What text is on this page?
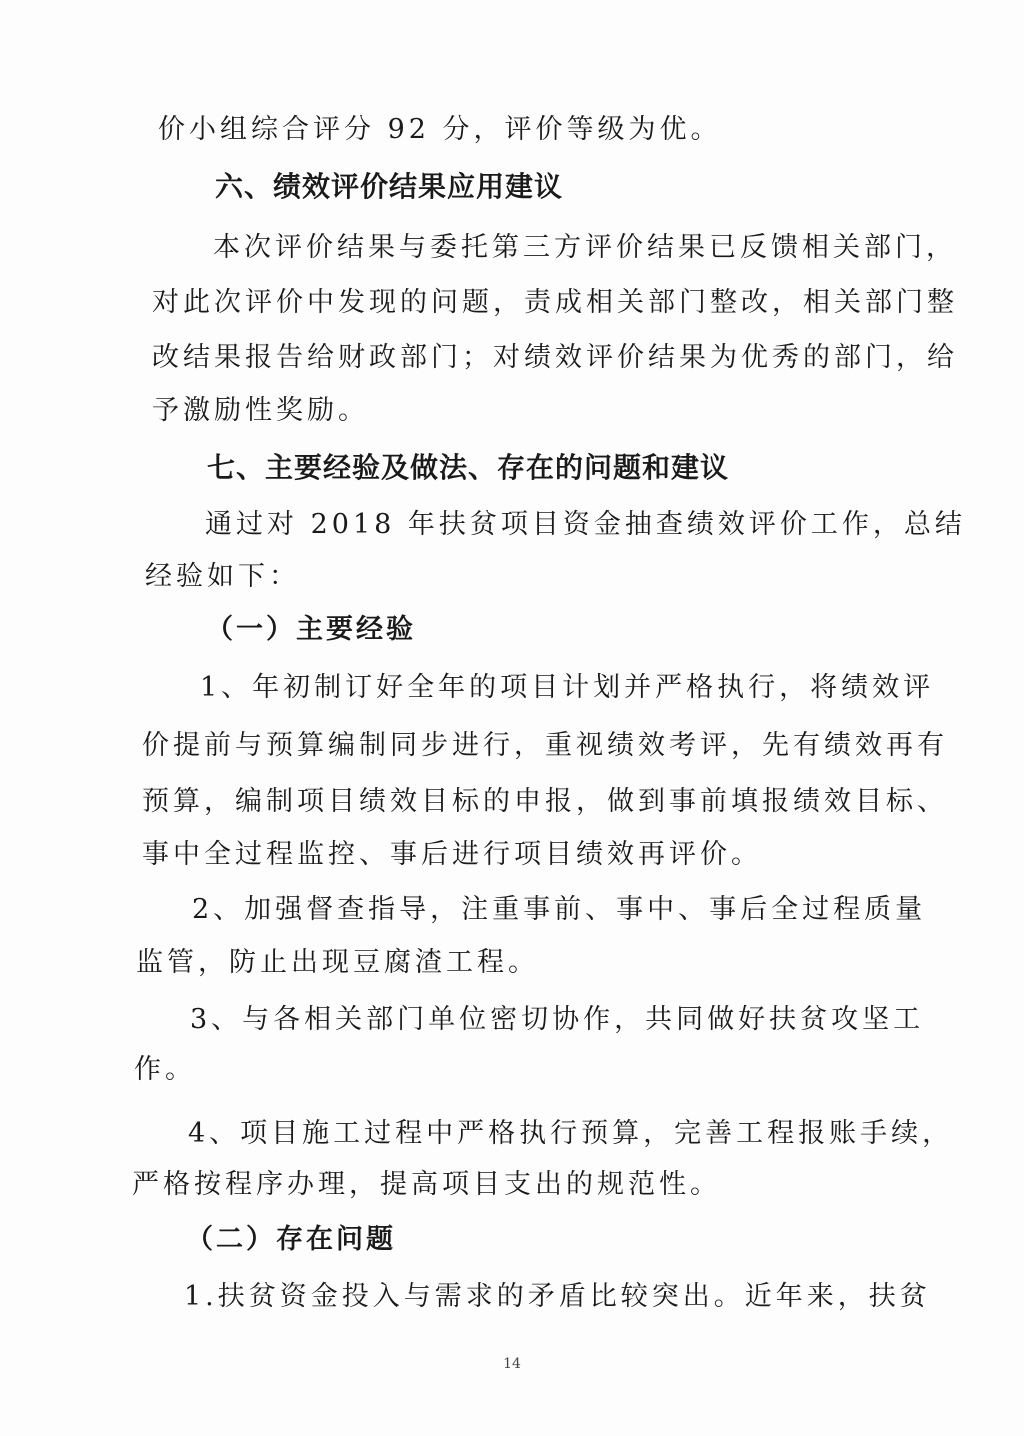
价小组综合评分 92 分，评价等级为优。
六、绩效评价结果应用建议
本次评价结果与委托第三方评价结果已反馈相关部门，
对此次评价中发现的问题，责成相关部门整改，相关部门整
改结果报告给财政部门；对绩效评价结果为优秀的部门，给
予激励性奖励。
七、主要经验及做法、存在的问题和建议
通过对 2018 年扶贫项目资金抽查绩效评价工作，总结
经验如下：
（一）主要经验
1、年初制订好全年的项目计划并严格执行，将绩效评
价提前与预算编制同步进行，重视绩效考评，先有绩效再有
预算，编制项目绩效目标的申报，做到事前填报绩效目标、
事中全过程监控、事后进行项目绩效再评价。
2、加强督查指导，注重事前、事中、事后全过程质量
监管，防止出现豆腐渣工程。
3、与各相关部门单位密切协作，共同做好扶贫攻坚工
作。
4、项目施工过程中严格执行预算，完善工程报账手续，
严格按程序办理，提高项目支出的规范性。
（二）存在问题
1.扶贫资金投入与需求的矛盾比较突出。近年来，扶贫
14
